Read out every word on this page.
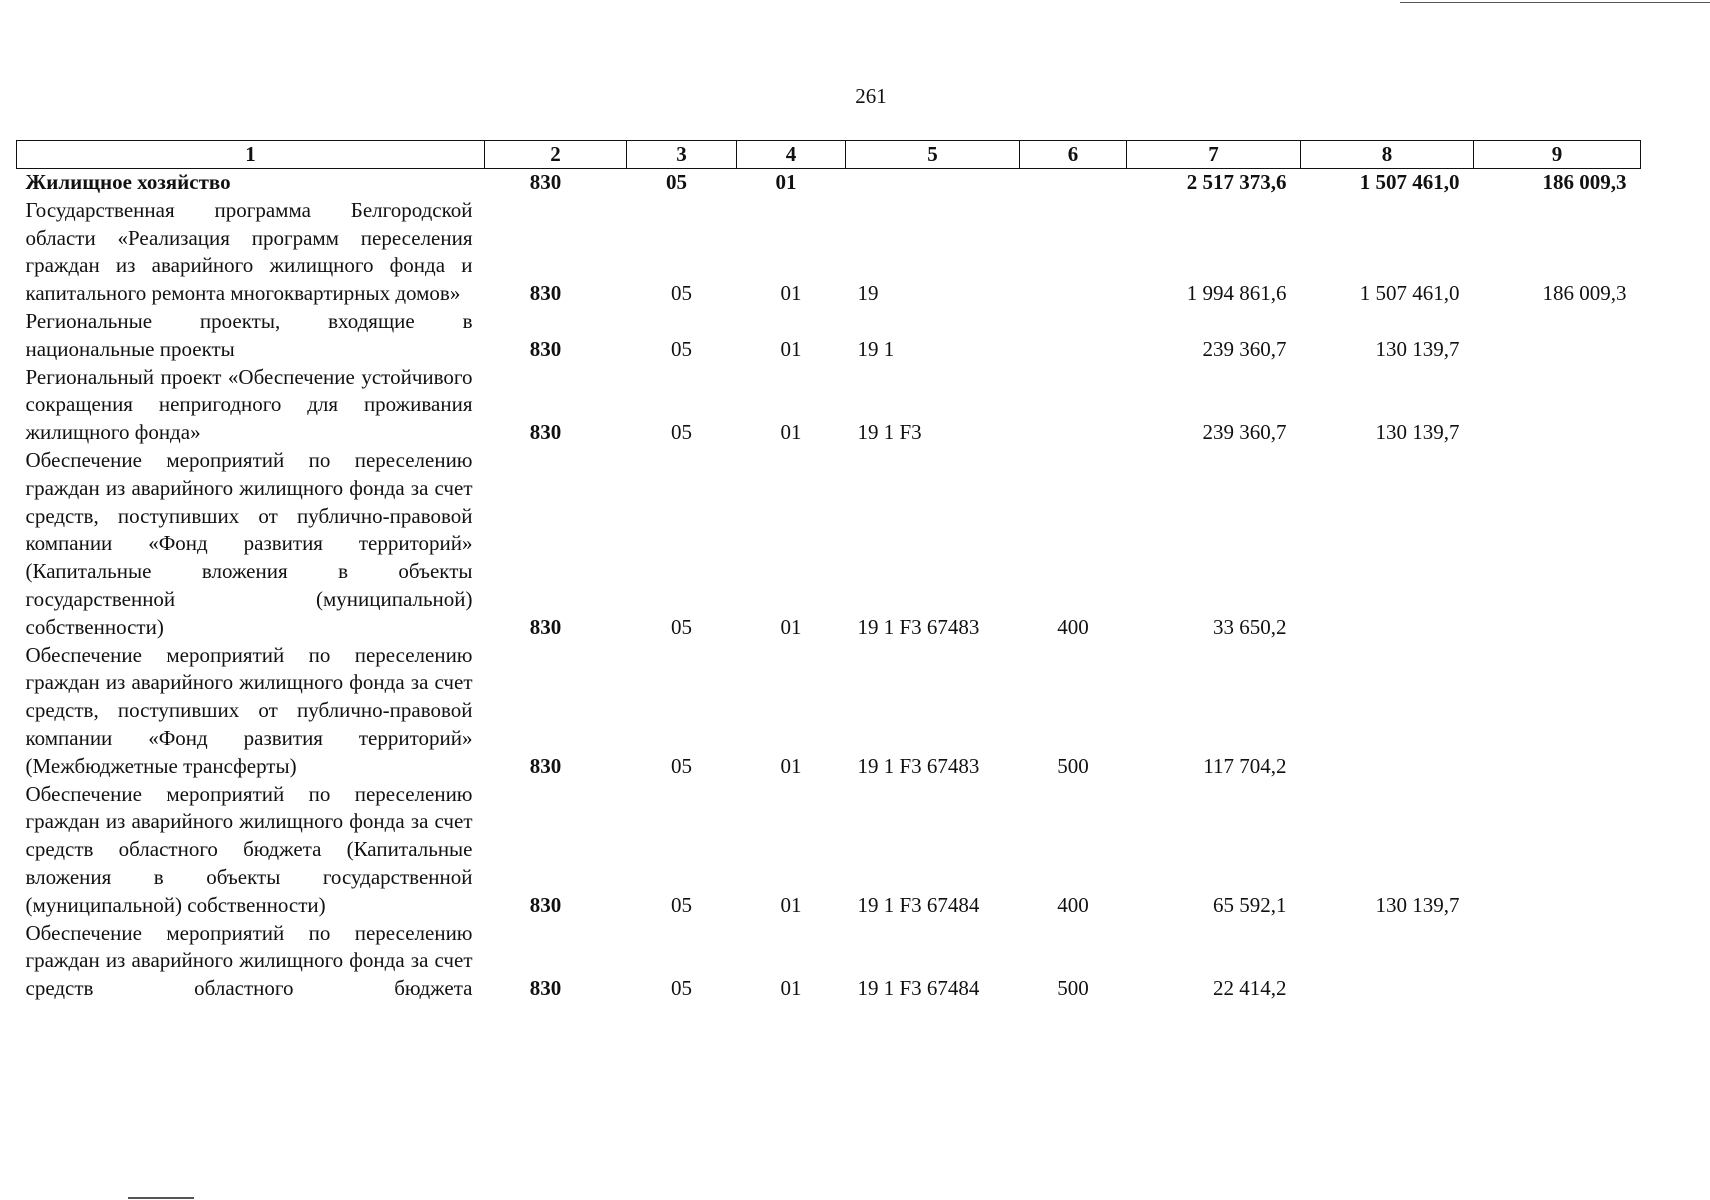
261
1	2	3	4	5	6	7	8	9
Жилищное хозяйство	830	05	01			2 517 373,6	1 507 461,0	186 009,3
Государственная программа Белгородской области «Реализация программ переселения граждан из аварийного жилищного фонда и капитального ремонта многоквартирных домов»	830	05	01	19		1 994 861,6	1 507 461,0	186 009,3
Региональные проекты, входящие в национальные проекты	830	05	01	19 1		239 360,7	130 139,7	
Региональный проект «Обеспечение устойчивого сокращения непригодного для проживания жилищного фонда»	830	05	01	19 1 F3		239 360,7	130 139,7	
Обеспечение мероприятий по переселению граждан из аварийного жилищного фонда за счет средств, поступивших от публично-правовой компании «Фонд развития территорий» (Капитальные вложения в объекты государственной (муниципальной) собственности)	830	05	01	19 1 F3 67483	400	33 650,2		
Обеспечение мероприятий по переселению граждан из аварийного жилищного фонда за счет средств, поступивших от публично-правовой компании «Фонд развития территорий» (Межбюджетные трансферты)	830	05	01	19 1 F3 67483	500	117 704,2		
Обеспечение мероприятий по переселению граждан из аварийного жилищного фонда за счет средств областного бюджета (Капитальные вложения в объекты государственной (муниципальной) собственности)	830	05	01	19 1 F3 67484	400	65 592,1	130 139,7	
Обеспечение мероприятий по переселению граждан из аварийного жилищного фонда за счет средств областного бюджета	830	05	01	19 1 F3 67484	500	22 414,2		
